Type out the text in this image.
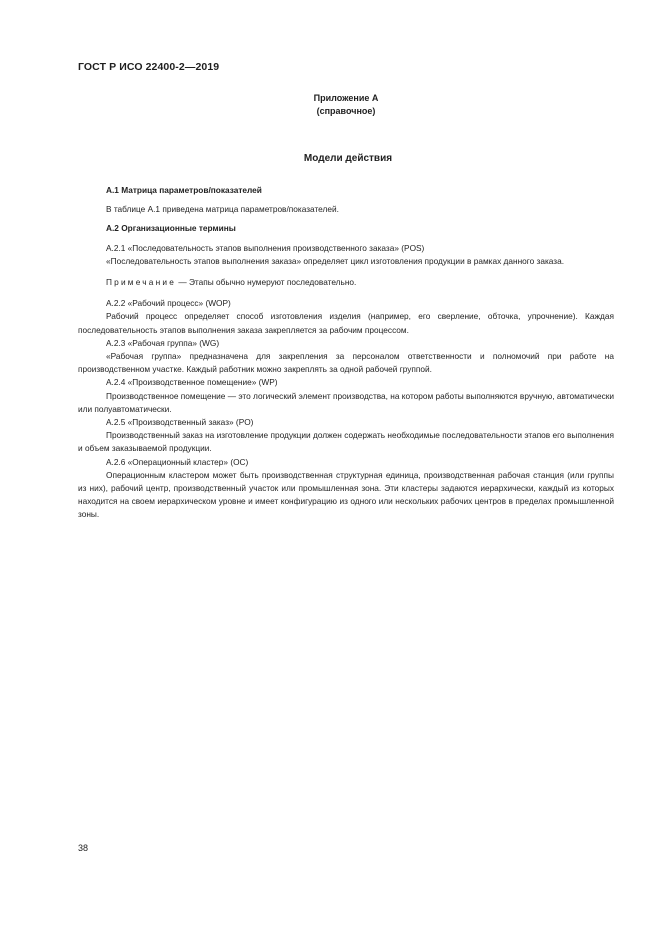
ГОСТ Р ИСО 22400-2—2019
Приложение А
(справочное)
Модели действия

А.1 Матрица параметров/показателей

В таблице А.1 приведена матрица параметров/показателей.

А.2 Организационные термины

А.2.1 «Последовательность этапов выполнения производственного заказа» (POS)

«Последовательность этапов выполнения заказа» определяет цикл изготовления продукции в рамках данного заказа.

Примечание — Этапы обычно нумеруют последовательно.

А.2.2 «Рабочий процесс» (WOP)

Рабочий процесс определяет способ изготовления изделия (например, его сверление, обточка, упрочнение). Каждая последовательность этапов выполнения заказа закрепляется за рабочим процессом.

А.2.3 «Рабочая группа» (WG)

«Рабочая группа» предназначена для закрепления за персоналом ответственности и полномочий при работе на производственном участке. Каждый работник можно закреплять за одной рабочей группой.

А.2.4 «Производственное помещение» (WP)

Производственное помещение — это логический элемент производства, на котором работы выполняются вручную, автоматически или полуавтоматически.

А.2.5 «Производственный заказ» (PO)

Производственный заказ на изготовление продукции должен содержать необходимые последовательности этапов его выполнения и объем заказываемой продукции.

А.2.6 «Операционный кластер» (OC)

Операционным кластером может быть производственная структурная единица, производственная рабочая станция (или группы из них), рабочий центр, производственный участок или промышленная зона. Эти кластеры задаются иерархически, каждый из которых находится на своем иерархическом уровне и имеет конфигурацию из одного или нескольких рабочих центров в пределах промышленной зоны.

38
